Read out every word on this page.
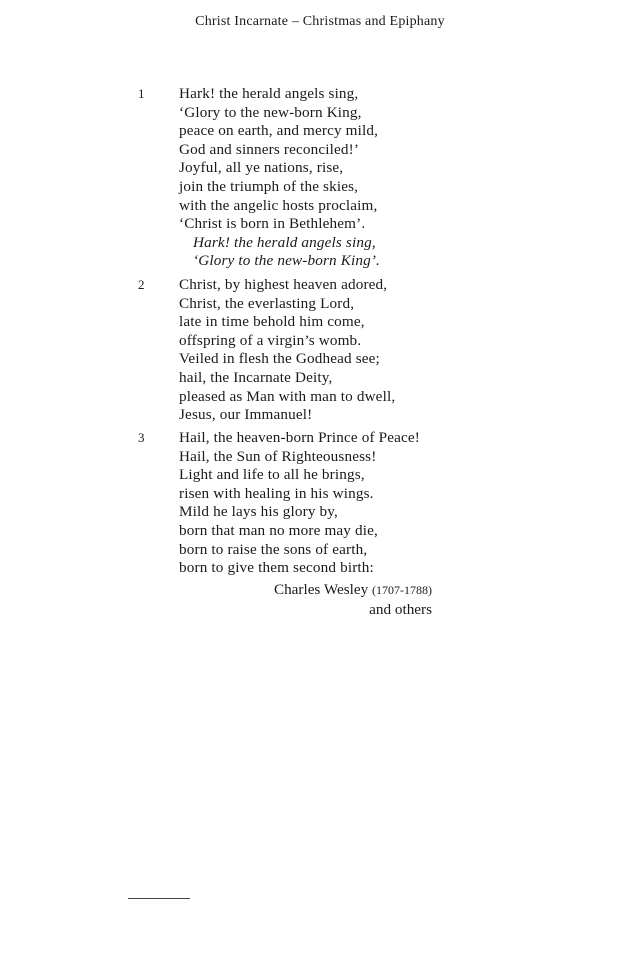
Christ Incarnate – Christmas and Epiphany
1 Hark! the herald angels sing,
‘Glory to the new-born King,
peace on earth, and mercy mild,
God and sinners reconciled!’
Joyful, all ye nations, rise,
join the triumph of the skies,
with the angelic hosts proclaim,
‘Christ is born in Bethlehem’.
Hark! the herald angels sing,
‘Glory to the new-born King’.
2 Christ, by highest heaven adored,
Christ, the everlasting Lord,
late in time behold him come,
offspring of a virgin’s womb.
Veiled in flesh the Godhead see;
hail, the Incarnate Deity,
pleased as Man with man to dwell,
Jesus, our Immanuel!
3 Hail, the heaven-born Prince of Peace!
Hail, the Sun of Righteousness!
Light and life to all he brings,
risen with healing in his wings.
Mild he lays his glory by,
born that man no more may die,
born to raise the sons of earth,
born to give them second birth:
Charles Wesley (1707-1788)
and others
